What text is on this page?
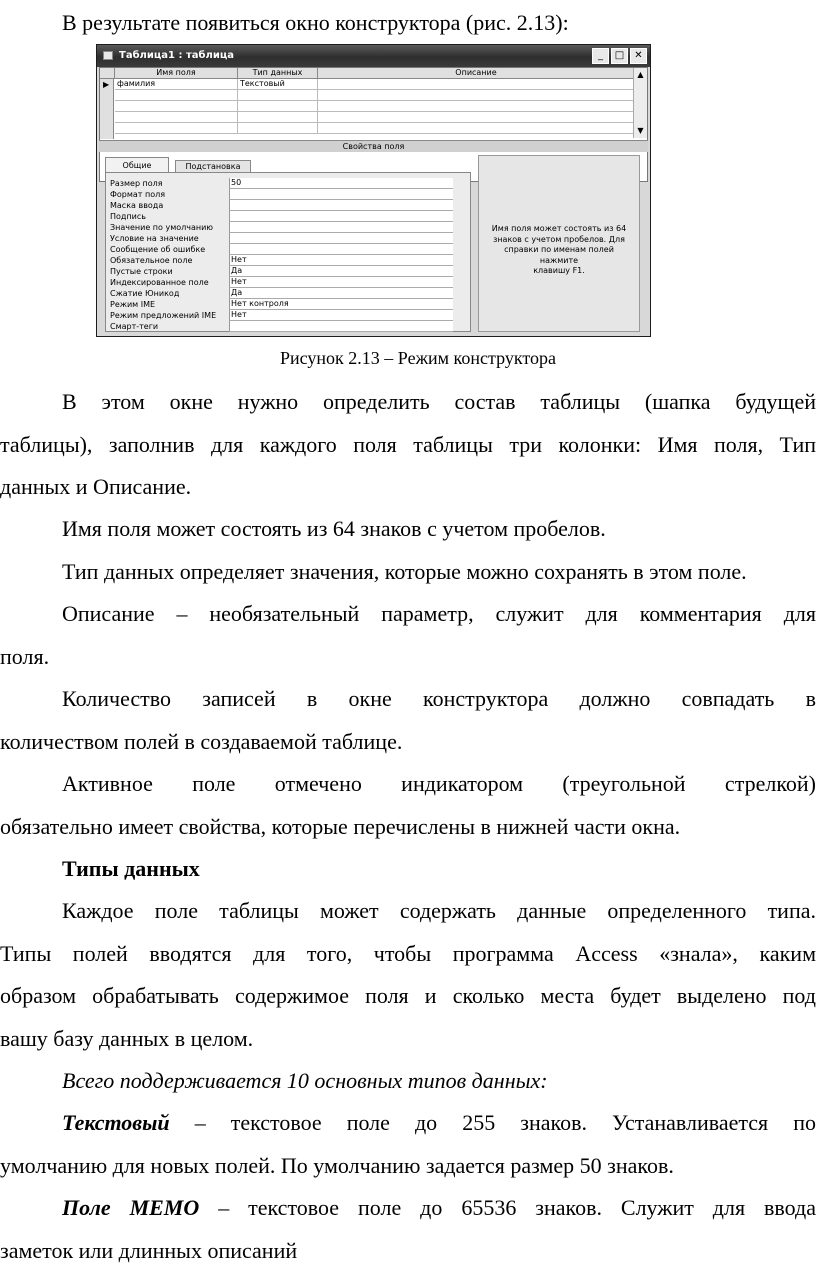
В результате появиться окно конструктора (рис. 2.13):
Таблица1 : таблица	_	□	✕
Имя поля	Тип данных	Описание
▶ фамилия	Текстовый
▲
▼
Свойства поля
Общие	Подстановка
Размер поля	50
Формат поля
Маска ввода
Подпись
Значение по умолчанию
Условие на значение
Сообщение об ошибке
Обязательное поле	Нет
Пустые строки	Да
Индексированное поле	Нет
Сжатие Юникод	Да
Режим IME	Нет контроля
Режим предложений IME Нет
Смарт-теги
Имя поля может состоять из 64
знаков с учетом пробелов. Для
справки по именам полей нажмите
клавишу F1.
Рисунок 2.13 – Режим конструктора
В этом окне нужно определить состав таблицы (шапка будущей
таблицы), заполнив для каждого поля таблицы три колонки: Имя поля, Тип
данных и Описание.
Имя поля может состоять из 64 знаков с учетом пробелов.
Тип данных определяет значения, которые можно сохранять в этом поле.
Описание – необязательный параметр, служит для комментария для
поля.
Количество записей в окне конструктора должно совпадать в
количеством полей в создаваемой таблице.
Активное поле отмечено индикатором (треугольной стрелкой)
обязательно имеет свойства, которые перечислены в нижней части окна.
Типы данных
Каждое поле таблицы может содержать данные определенного типа.
Типы полей вводятся для того, чтобы программа Access «знала», каким
образом обрабатывать содержимое поля и сколько места будет выделено под
вашу базу данных в целом.
Всего поддерживается 10 основных типов данных:
Текстовый – текстовое поле до 255 знаков. Устанавливается по
умолчанию для новых полей. По умолчанию задается размер 50 знаков.
Поле МЕМО – текстовое поле до 65536 знаков. Служит для ввода
заметок или длинных описаний
